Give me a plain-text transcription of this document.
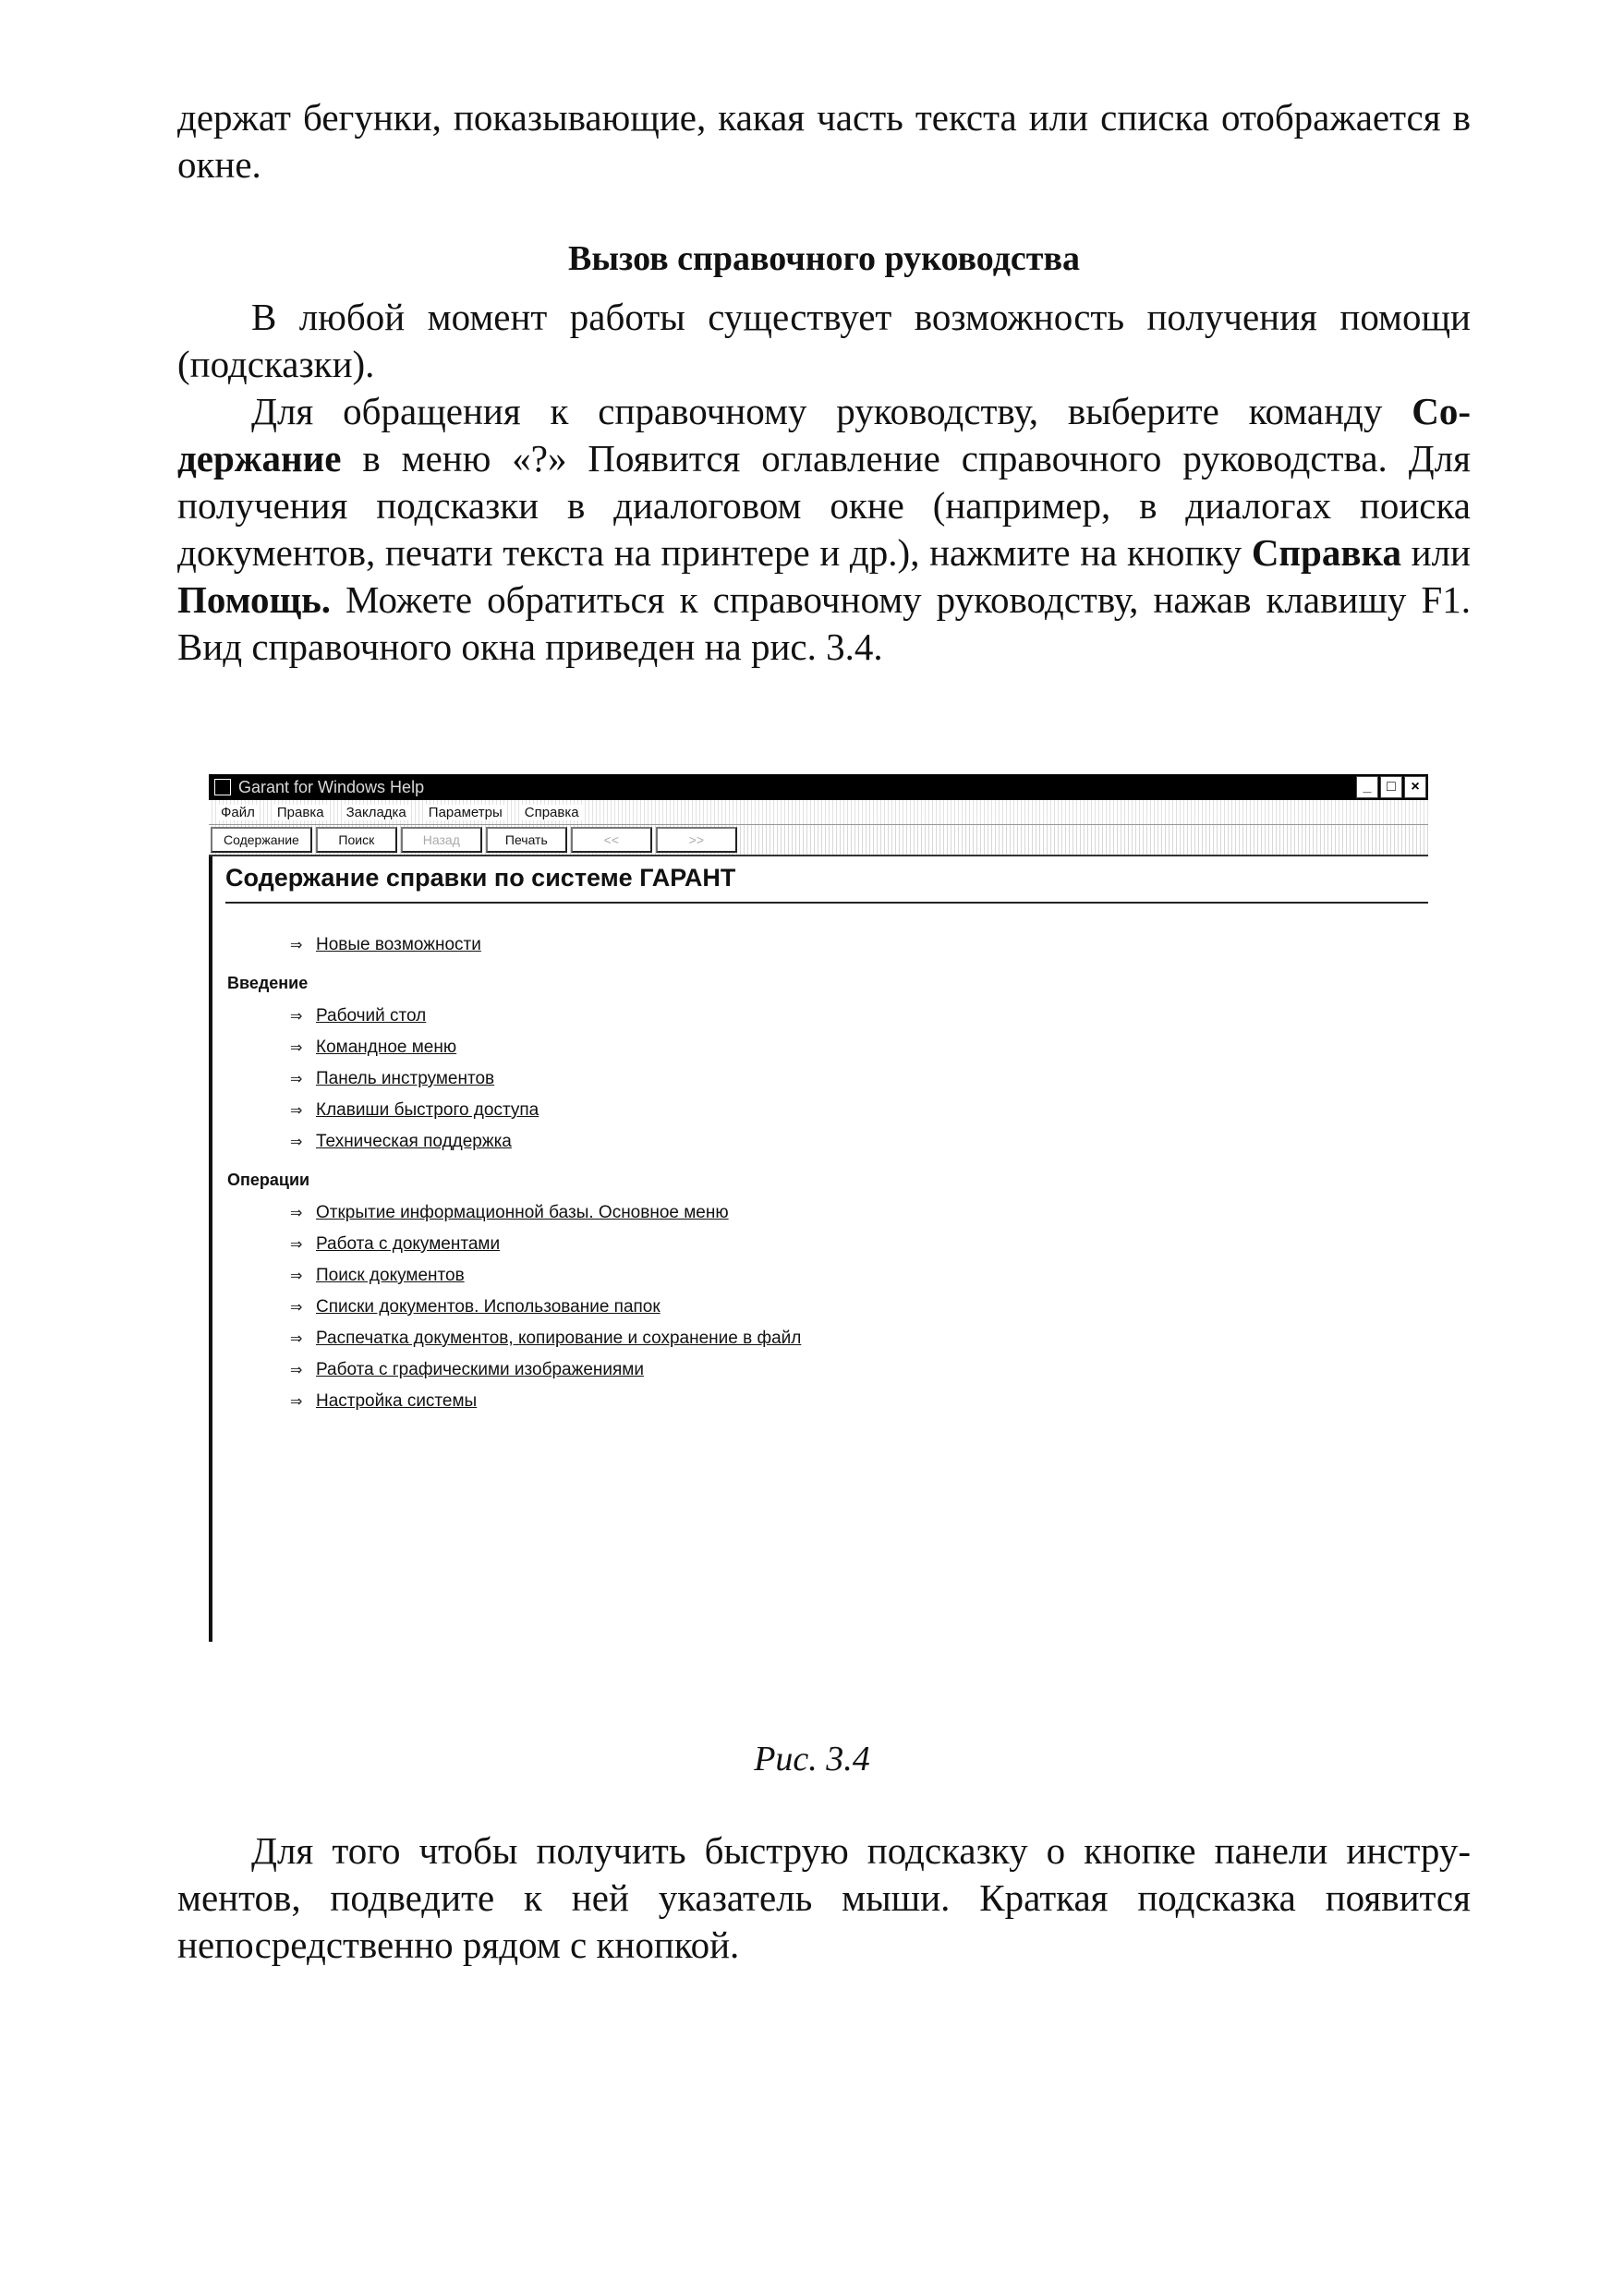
держат бегунки, показывающие, какая часть текста или списка отображается в окне.

Вызов справочного руководства

В любой момент работы существует возможность получения помощи (подсказки).

Для обращения к справочному руководству, выберите команду Содержание в меню «?» Появится оглавление справочного руководства. Для получения подсказки в диалоговом окне (например, в диалогах поиска документов, печати текста на принтере и др.), нажмите на кнопку Справка или Помощь. Можете обратиться к справочному руководству, нажав клавишу F1. Вид справочного окна приведен на рис. 3.4.

Garant for Windows Help	_	□	×
Файл Правка Закладка Параметры Справка
Содержание	Поиск	Назад	Печать	<<	>>
Содержание справки по системе ГАРАНТ
⇒ Новые возможности
Введение
⇒ Рабочий стол
⇒ Командное меню
⇒ Панель инструментов
⇒ Клавиши быстрого доступа
⇒ Техническая поддержка
Операции
⇒ Открытие информационной базы. Основное меню
⇒ Работа с документами
⇒ Поиск документов
⇒ Списки документов. Использование папок
⇒ Распечатка документов, копирование и сохранение в файл
⇒ Работа с графическими изображениями
⇒ Настройка системы

Рис. 3.4

Для того чтобы получить быструю подсказку о кнопке панели инструментов, подведите к ней указатель мыши. Краткая подсказка появится непосредственно рядом с кнопкой.
